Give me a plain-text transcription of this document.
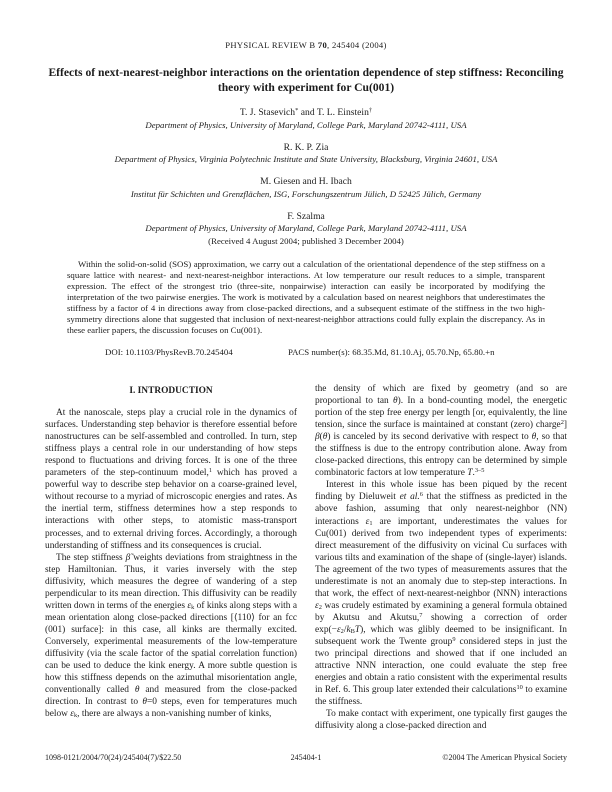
PHYSICAL REVIEW B 70, 245404 (2004)
Effects of next-nearest-neighbor interactions on the orientation dependence of step stiffness: Reconciling theory with experiment for Cu(001)
T. J. Stasevich* and T. L. Einstein†
Department of Physics, University of Maryland, College Park, Maryland 20742-4111, USA
R. K. P. Zia
Department of Physics, Virginia Polytechnic Institute and State University, Blacksburg, Virginia 24601, USA
M. Giesen and H. Ibach
Institut für Schichten und Grenzflächen, ISG, Forschungszentrum Jülich, D 52425 Jülich, Germany
F. Szalma
Department of Physics, University of Maryland, College Park, Maryland 20742-4111, USA
(Received 4 August 2004; published 3 December 2004)
Within the solid-on-solid (SOS) approximation, we carry out a calculation of the orientational dependence of the step stiffness on a square lattice with nearest- and next-nearest-neighbor interactions. At low temperature our result reduces to a simple, transparent expression. The effect of the strongest trio (three-site, nonpairwise) interaction can easily be incorporated by modifying the interpretation of the two pairwise energies. The work is motivated by a calculation based on nearest neighbors that underestimates the stiffness by a factor of 4 in directions away from close-packed directions, and a subsequent estimate of the stiffness in the two high-symmetry directions alone that suggested that inclusion of next-nearest-neighbor attractions could fully explain the discrepancy. As in these earlier papers, the discussion focuses on Cu(001).
DOI: 10.1103/PhysRevB.70.245404	PACS number(s): 68.35.Md, 81.10.Aj, 05.70.Np, 65.80.+n
I. INTRODUCTION

At the nanoscale, steps play a crucial role in the dynamics of surfaces. Understanding step behavior is therefore essential before nanostructures can be self-assembled and controlled. In turn, step stiffness plays a central role in our understanding of how steps respond to fluctuations and driving forces. It is one of the three parameters of the step-continuum model,$^1$ which has proved a powerful way to describe step behavior on a coarse-grained level, without recourse to a myriad of microscopic energies and rates. As the inertial term, stiffness determines how a step responds to interactions with other steps, to atomistic mass-transport processes, and to external driving forces. Accordingly, a thorough understanding of stiffness and its consequences is crucial.

The step stiffness β̃ weights deviations from straightness in the step Hamiltonian. Thus, it varies inversely with the step diffusivity, which measures the degree of wandering of a step perpendicular to its mean direction. This diffusivity can be readily written down in terms of the energies $\varepsilon_k$ of kinks along steps with a mean orientation along close-packed directions [⟨110⟩ for an fcc (001) surface]: in this case, all kinks are thermally excited. Conversely, experimental measurements of the low-temperature diffusivity (via the scale factor of the spatial correlation function) can be used to deduce the kink energy. A more subtle question is how this stiffness depends on the azimuthal misorientation angle, conventionally called θ and measured from the close-packed direction. In contrast to θ=0 steps, even for temperatures much below $\varepsilon_k$, there are always a non-vanishing number of kinks,

the density of which are fixed by geometry (and so are proportional to tan θ). In a bond-counting model, the energetic portion of the step free energy per length [or, equivalently, the line tension, since the surface is maintained at constant (zero) charge$^2$] β(θ) is canceled by its second derivative with respect to θ, so that the stiffness is due to the entropy contribution alone. Away from close-packed directions, this entropy can be determined by simple combinatoric factors at low temperature T.$^{3-5}$

Interest in this whole issue has been piqued by the recent finding by Dieluweit et al.$^6$ that the stiffness as predicted in the above fashion, assuming that only nearest-neighbor (NN) interactions $\varepsilon_1$ are important, underestimates the values for Cu(001) derived from two independent types of experiments: direct measurement of the diffusivity on vicinal Cu surfaces with various tilts and examination of the shape of (single-layer) islands. The agreement of the two types of measurements assures that the underestimate is not an anomaly due to step-step interactions. In that work, the effect of next-nearest-neighbor (NNN) interactions $\varepsilon_2$ was crudely estimated by examining a general formula obtained by Akutsu and Akutsu,$^7$ showing a correction of order $\exp(-\varepsilon_2/k_BT)$, which was glibly deemed to be insignificant. In subsequent work the Twente group$^9$ considered steps in just the two principal directions and showed that if one included an attractive NNN interaction, one could evaluate the step free energies and obtain a ratio consistent with the experimental results in Ref. 6. This group later extended their calculations$^{10}$ to examine the stiffness.

To make contact with experiment, one typically first gauges the diffusivity along a close-packed direction and

1098-0121/2004/70(24)/245404(7)/$22.50	245404-1	©2004 The American Physical Society
